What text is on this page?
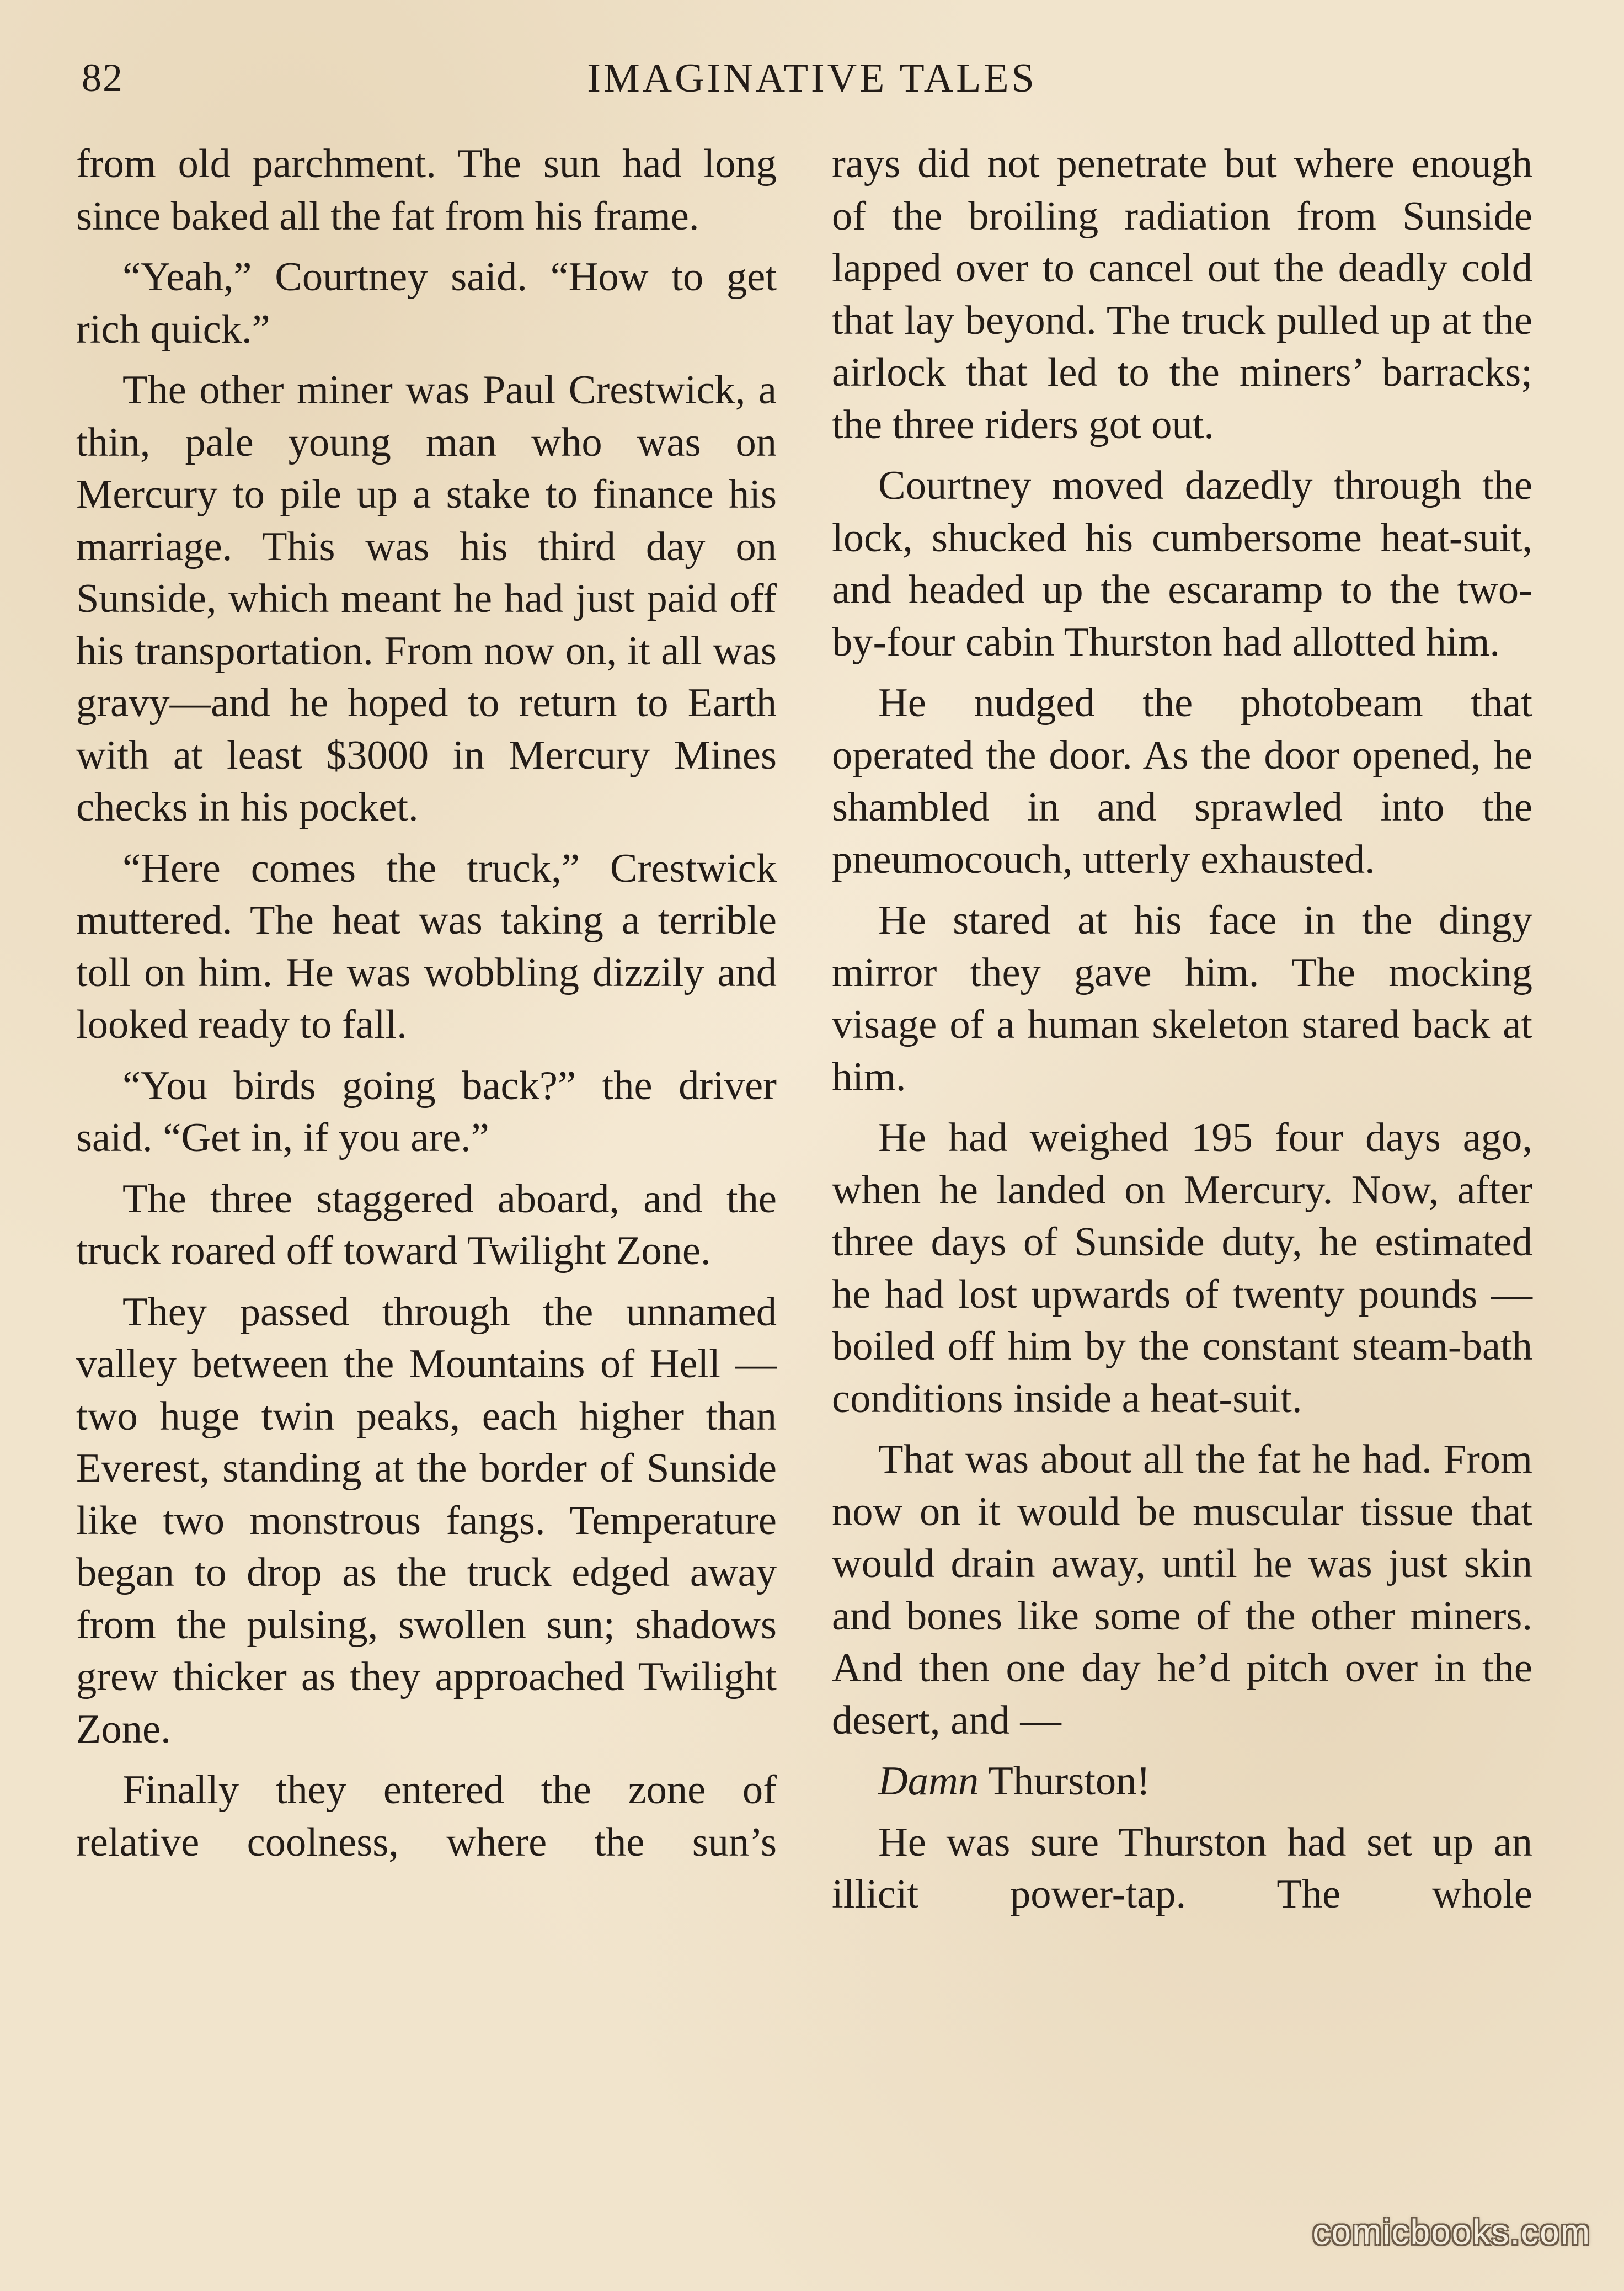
82	IMAGINATIVE TALES

from old parchment. The sun had long since baked all the fat from his frame.

“Yeah,” Courtney said. “How to get rich quick.”

The other miner was Paul Crestwick, a thin, pale young man who was on Mercury to pile up a stake to finance his marriage. This was his third day on Sunside, which meant he had just paid off his transportation. From now on, it all was gravy—and he hoped to return to Earth with at least $3000 in Mercury Mines checks in his pocket.

“Here comes the truck,” Crestwick muttered. The heat was taking a terrible toll on him. He was wobbling dizzily and looked ready to fall.

“You birds going back?” the driver said. “Get in, if you are.”

The three staggered aboard, and the truck roared off toward Twilight Zone.

They passed through the unnamed valley between the Mountains of Hell — two huge twin peaks, each higher than Everest, standing at the border of Sunside like two monstrous fangs. Temperature began to drop as the truck edged away from the pulsing, swollen sun; shadows grew thicker as they approached Twilight Zone.

Finally they entered the zone of relative coolness, where the sun’s

rays did not penetrate but where enough of the broiling radiation from Sunside lapped over to cancel out the deadly cold that lay beyond. The truck pulled up at the airlock that led to the miners’ barracks; the three riders got out.

Courtney moved dazedly through the lock, shucked his cumbersome heat-suit, and headed up the escaramp to the two-by-four cabin Thurston had allotted him.

He nudged the photobeam that operated the door. As the door opened, he shambled in and sprawled into the pneumocouch, utterly exhausted.

He stared at his face in the dingy mirror they gave him. The mocking visage of a human skeleton stared back at him.

He had weighed 195 four days ago, when he landed on Mercury. Now, after three days of Sunside duty, he estimated he had lost upwards of twenty pounds — boiled off him by the constant steam-bath conditions inside a heat-suit.

That was about all the fat he had. From now on it would be muscular tissue that would drain away, until he was just skin and bones like some of the other miners. And then one day he’d pitch over in the desert, and —

Damn Thurston!

He was sure Thurston had set up an illicit power-tap. The whole

comicbooks.com
